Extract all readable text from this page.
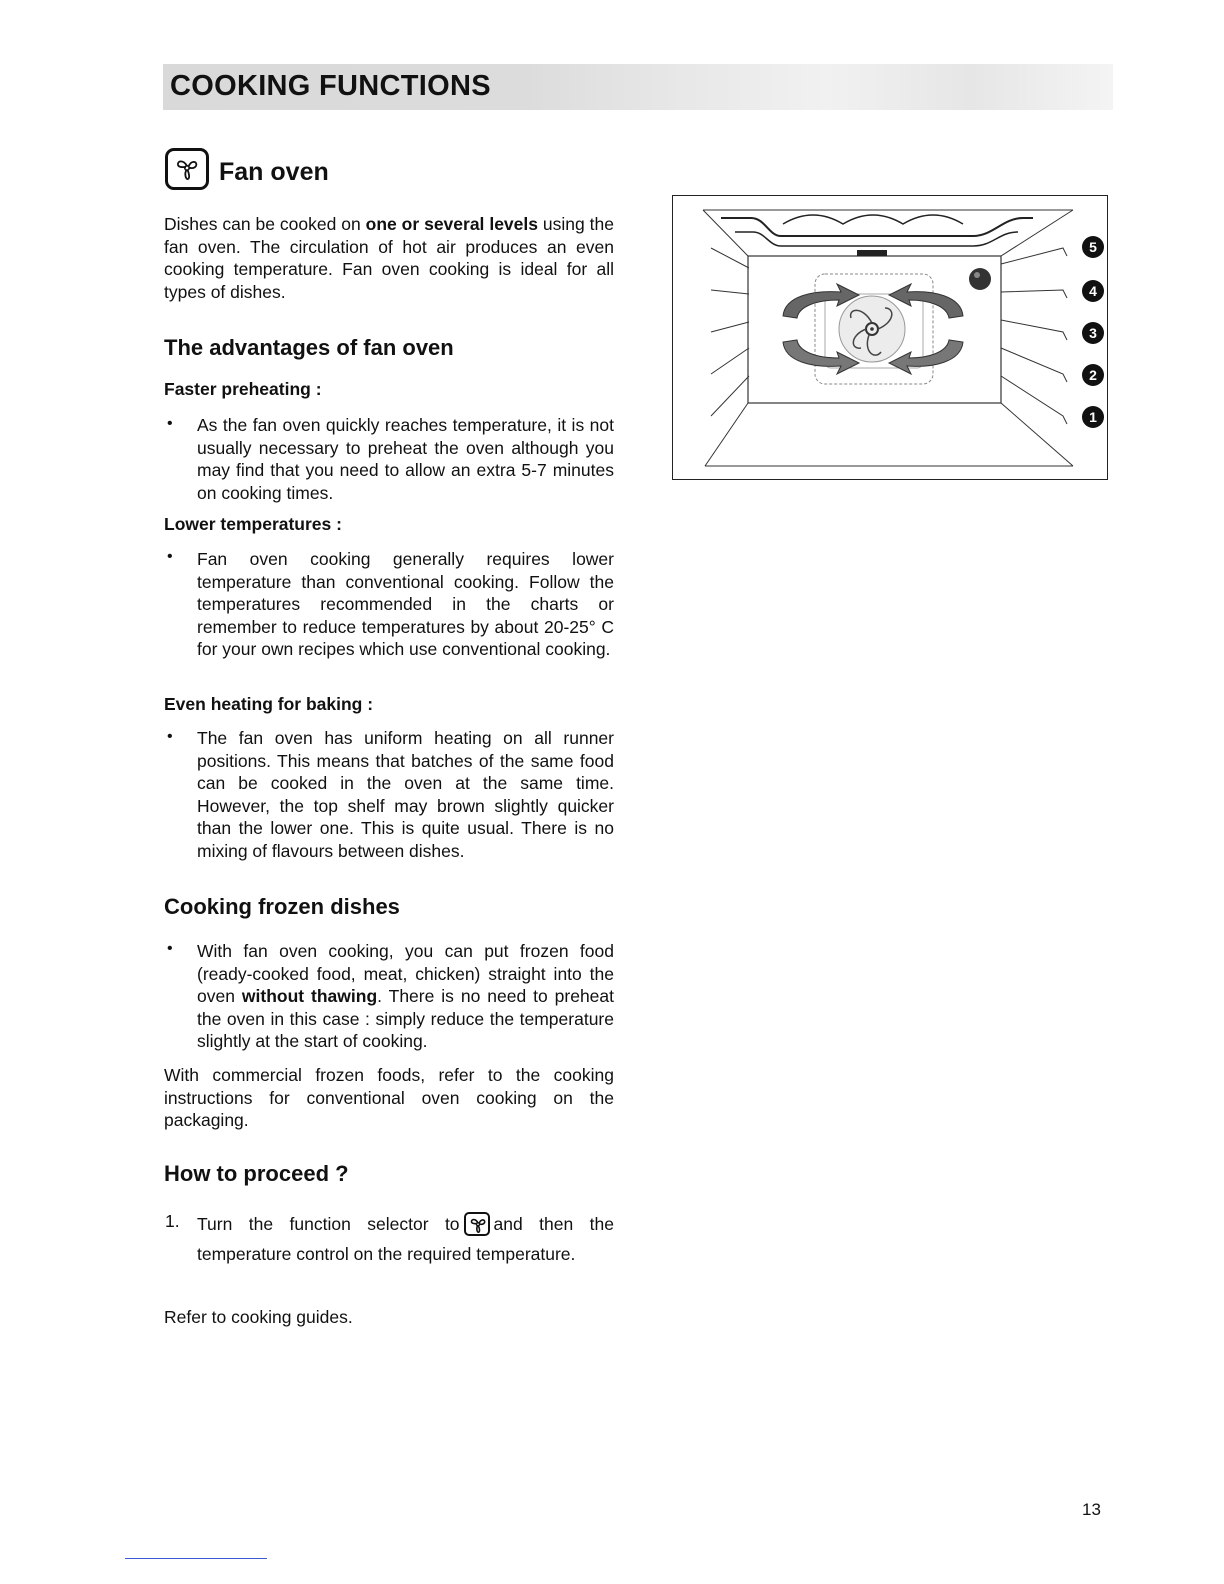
COOKING FUNCTIONS
Fan oven
Dishes can be cooked on one or several levels using the fan oven. The circulation of hot air produces an even cooking temperature. Fan oven cooking is ideal for all types of dishes.
The advantages of fan oven
Faster preheating :
• As the fan oven quickly reaches temperature, it is not usually necessary to preheat the oven although you may find that you need to allow an extra 5-7 minutes on cooking times.
Lower temperatures :
• Fan oven cooking generally requires lower temperature than conventional cooking. Follow the temperatures recommended in the charts or remember to reduce temperatures by about 20-25° C for your own recipes which use conventional cooking.
Even heating for baking :
• The fan oven has uniform heating on all runner positions. This means that batches of the same food can be cooked in the oven at the same time. However, the top shelf may brown slightly quicker than the lower one. This is quite usual. There is no mixing of flavours between dishes.
Cooking frozen dishes
• With fan oven cooking, you can put frozen food (ready-cooked food, meat, chicken) straight into the oven without thawing. There is no need to preheat the oven in this case : simply reduce the temperature slightly at the start of cooking.
With commercial frozen foods, refer to the cooking instructions for conventional oven cooking on the packaging.
How to proceed ?
1. Turn the function selector to and then the temperature control on the required temperature.
Refer to cooking guides.
5
4
3
2
1
13
